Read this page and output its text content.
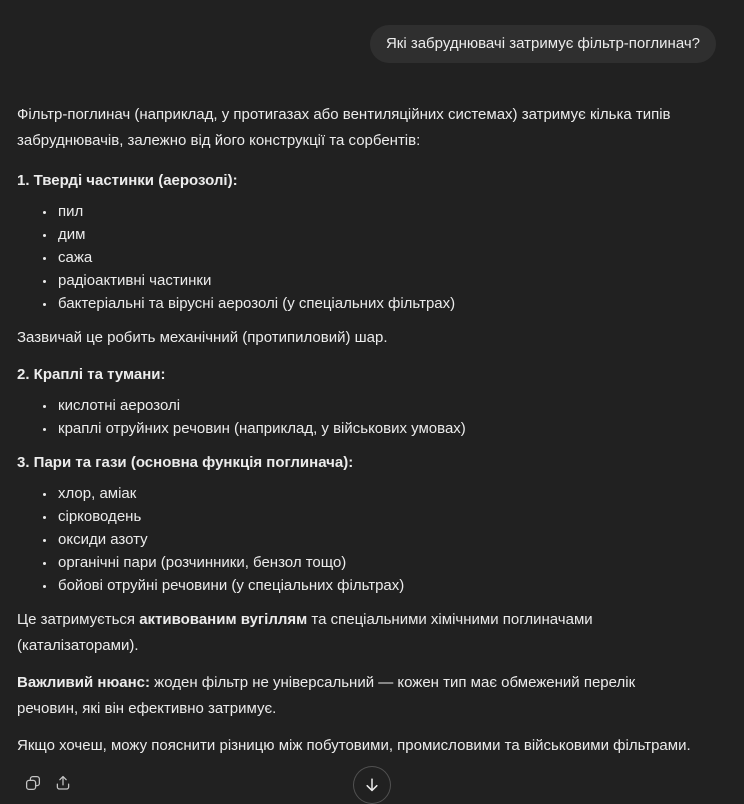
Які забруднювачі затримує фільтр-поглинач?

Фільтр-поглинач (наприклад, у протигазах або вентиляційних системах) затримує кілька типів забруднювачів, залежно від його конструкції та сорбентів:

1. Тверді частинки (аерозолі):

• пил
• дим
• сажа
• радіоактивні частинки
• бактеріальні та вірусні аерозолі (у спеціальних фільтрах)

Зазвичай це робить механічний (протипиловий) шар.

2. Краплі та тумани:

• кислотні аерозолі
• краплі отруйних речовин (наприклад, у військових умовах)

3. Пари та гази (основна функція поглинача):

• хлор, аміак
• сірководень
• оксиди азоту
• органічні пари (розчинники, бензол тощо)
• бойові отруйні речовини (у спеціальних фільтрах)

Це затримується активованим вугіллям та спеціальними хімічними поглиначами (каталізаторами).

Важливий нюанс: жоден фільтр не універсальний — кожен тип має обмежений перелік речовин, які він ефективно затримує.

Якщо хочеш, можу пояснити різницю між побутовими, промисловими та військовими фільтрами.
